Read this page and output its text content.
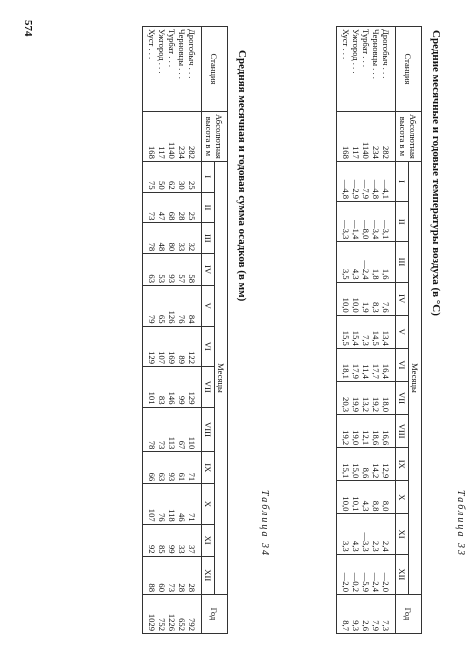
Таблица 33
Средние месячные и годовые температуры воздуха (в °С)
Станция	Абсолютная высота в м	Месяцы												Год
		I	II	III	IV	V	VI	VII	VIII	IX	X	XI	XII	
Дрогобыч . . .	282	—4,1	—3,1	1,6	7,6	13,4	16,4	18,0	16,6	12,9	8,0	2,4	—2,0	7,3
Черновцы . . .	234	—4,8	—3,4	1,8	8,3	14,5	17,7	19,2	18,6	14,2	8,8	2,3	—2,4	7,9
Турбат . . .	1140	—7,9	—8,0	—2,4	1,9	7,3	11,4	13,2	12,1	8,6	4,3	—3,3	—5,9	2,6
Ужгород . . .	117	—2,9	—1,4	4,3	10,0	15,4	17,9	19,9	19,0	15,0	10,1	4,3	—0,2	9,3
Хуст . . .	168	—4,8	—3,3	3,5	10,0	15,5	18,1	20,3	19,2	15,1	10,0	3,3	—2,0	8,7
Таблица 34
Средняя месячная и годовая сумма осадков (в мм)
Станция	Абсолютная высота в м	Месяцы												Год
		I	II	III	IV	V	VI	VII	VIII	IX	X	XI	XII	
Дрогобыч . . .	282	25	25	32	58	84	122	129	110	71	71	37	28	792
Черновцы . . .	234	30	28	33	57	76	89	99	67	61	46	33	28	652
Турбат . . .	1140	62	68	80	93	126	169	146	113	93	118	99	73	1226
Ужгород . . .	117	50	47	48	53	65	107	83	73	63	76	85	60	752
Хуст . . .	168	75	73	78	63	79	129	101	78	66	107	92	88	1029
574
